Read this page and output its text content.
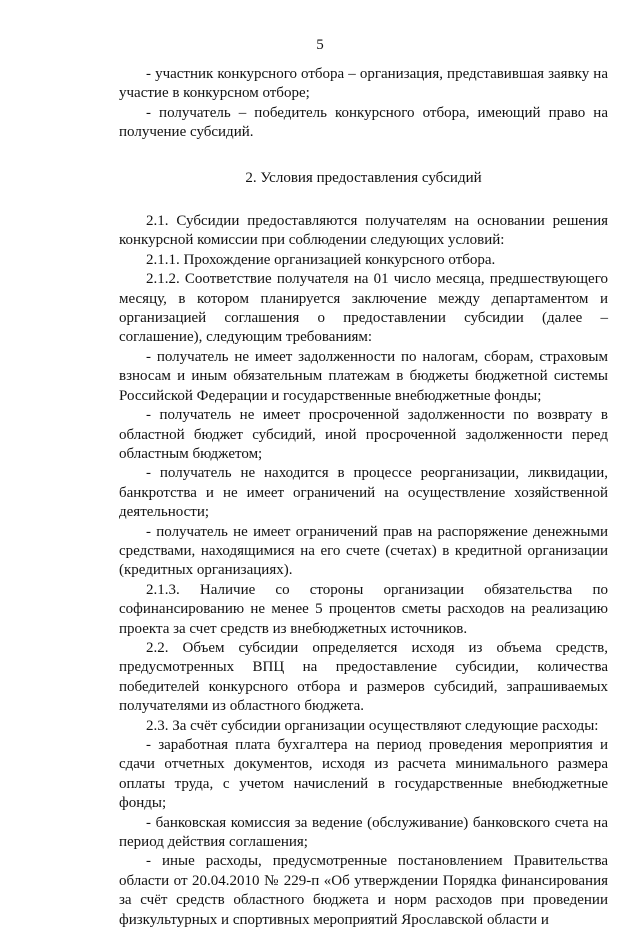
5

- участник конкурсного отбора – организация, представившая заявку на участие в конкурсном отборе;

- получатель – победитель конкурсного отбора, имеющий право на получение субсидий.

2. Условия предоставления субсидий

2.1. Субсидии предоставляются получателям на основании решения конкурсной комиссии при соблюдении следующих условий:

2.1.1. Прохождение организацией конкурсного отбора.

2.1.2. Соответствие получателя на 01 число месяца, предшествующего месяцу, в котором планируется заключение между департаментом и организацией соглашения о предоставлении субсидии (далее – соглашение), следующим требованиям:

- получатель не имеет задолженности по налогам, сборам, страховым взносам и иным обязательным платежам в бюджеты бюджетной системы Российской Федерации и государственные внебюджетные фонды;

- получатель не имеет просроченной задолженности по возврату в областной бюджет субсидий, иной просроченной задолженности перед областным бюджетом;

- получатель не находится в процессе реорганизации, ликвидации, банкротства и не имеет ограничений на осуществление хозяйственной деятельности;

- получатель не имеет ограничений прав на распоряжение денежными средствами, находящимися на его счете (счетах) в кредитной организации (кредитных организациях).

2.1.3. Наличие со стороны организации обязательства по софинансированию не менее 5 процентов сметы расходов на реализацию проекта за счет средств из внебюджетных источников.

2.2. Объем субсидии определяется исходя из объема средств, предусмотренных ВПЦ на предоставление субсидии, количества победителей конкурсного отбора и размеров субсидий, запрашиваемых получателями из областного бюджета.

2.3. За счёт субсидии организации осуществляют следующие расходы:

- заработная плата бухгалтера на период проведения мероприятия и сдачи отчетных документов, исходя из расчета минимального размера оплаты труда, с учетом начислений в государственные внебюджетные фонды;

- банковская комиссия за ведение (обслуживание) банковского счета на период действия соглашения;

- иные расходы, предусмотренные постановлением Правительства области от 20.04.2010 № 229-п «Об утверждении Порядка финансирования за счёт средств областного бюджета и норм расходов при проведении физкультурных и спортивных мероприятий Ярославской области и
